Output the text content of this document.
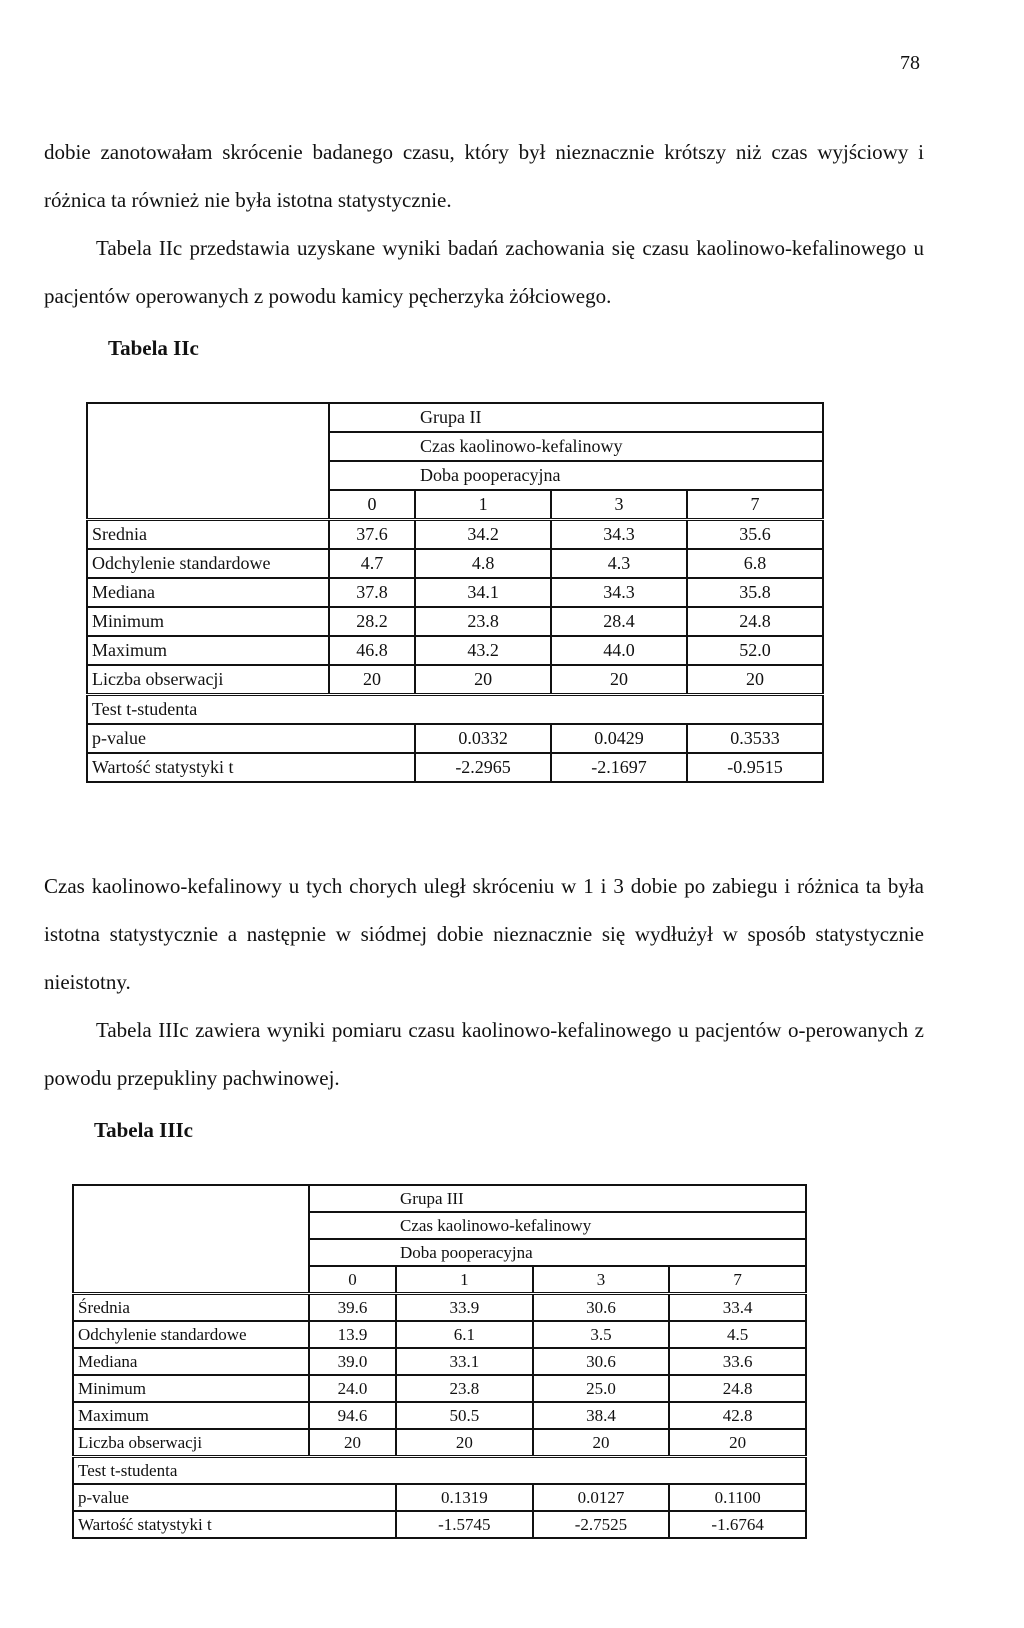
78
dobie zanotowałam skrócenie badanego czasu, który był nieznacznie krótszy niż czas wyjściowy i różnica ta również nie była istotna statystycznie.
Tabela IIc przedstawia uzyskane wyniki badań zachowania się czasu kaolinowo-kefalinowego u pacjentów operowanych z powodu kamicy pęcherzyka żółciowego.
Tabela IIc
	Grupa II			
	Czas kaolinowo-kefalinowy			
	Doba pooperacyjna			
	0	1	3	7
Srednia	37.6	34.2	34.3	35.6
Odchylenie standardowe	4.7	4.8	4.3	6.8
Mediana	37.8	34.1	34.3	35.8
Minimum	28.2	23.8	28.4	24.8
Maximum	46.8	43.2	44.0	52.0
Liczba obserwacji	20	20	20	20
Test t-studenta				
p-value		0.0332	0.0429	0.3533
Wartość statystyki t		-2.2965	-2.1697	-0.9515
Czas kaolinowo-kefalinowy u tych chorych uległ skróceniu w 1 i 3 dobie po zabiegu i różnica ta była istotna statystycznie a następnie w siódmej dobie nieznacznie się wydłużył w sposób statystycznie nieistotny.
Tabela IIIc zawiera wyniki pomiaru czasu kaolinowo-kefalinowego u pacjentów o-perowanych z powodu przepukliny pachwinowej.
Tabela IIIc
	Grupa III			
	Czas kaolinowo-kefalinowy			
	Doba pooperacyjna			
	0	1	3	7
Średnia	39.6	33.9	30.6	33.4
Odchylenie standardowe	13.9	6.1	3.5	4.5
Mediana	39.0	33.1	30.6	33.6
Minimum	24.0	23.8	25.0	24.8
Maximum	94.6	50.5	38.4	42.8
Liczba obserwacji	20	20	20	20
Test t-studenta				
p-value		0.1319	0.0127	0.1100
Wartość statystyki t		-1.5745	-2.7525	-1.6764
